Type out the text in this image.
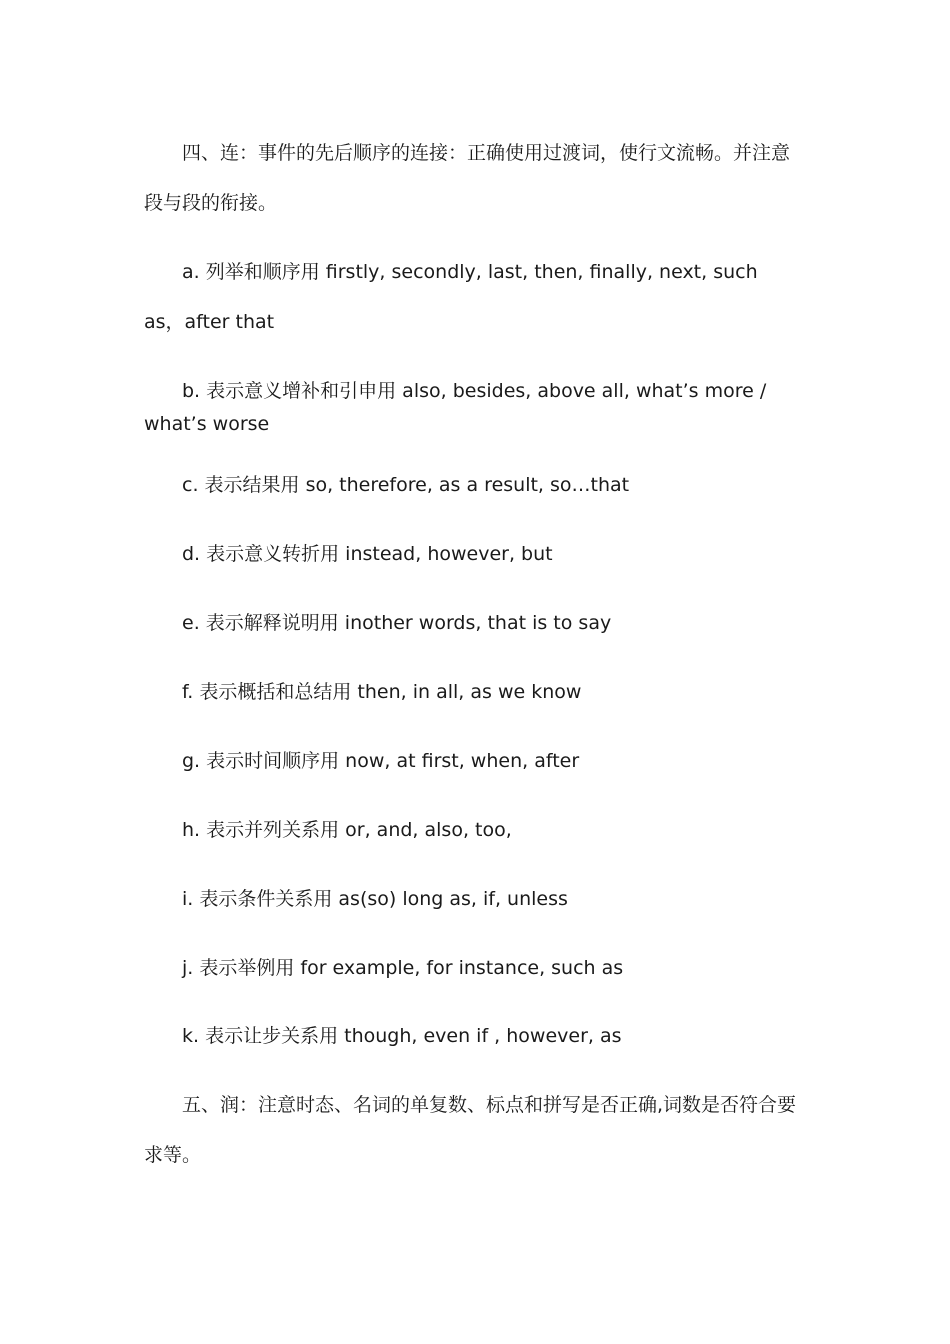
四、连：事件的先后顺序的连接：正确使用过渡词，使行文流畅。并注意
段与段的衔接。
a. 列举和顺序用 firstly, secondly, last, then, finally, next, such
as，after that
b. 表示意义增补和引申用 also, besides, above all, what’s more /
what’s worse
c. 表示结果用 so, therefore, as a result, so…that
d. 表示意义转折用 instead, however, but
e. 表示解释说明用 inother words, that is to say
f. 表示概括和总结用 then, in all, as we know
g. 表示时间顺序用 now, at first, when, after
h. 表示并列关系用 or, and, also, too,
i. 表示条件关系用 as(so) long as, if, unless
j. 表示举例用 for example, for instance, such as
k. 表示让步关系用 though, even if , however, as
五、润：注意时态、名词的单复数、标点和拼写是否正确,词数是否符合要
求等。
